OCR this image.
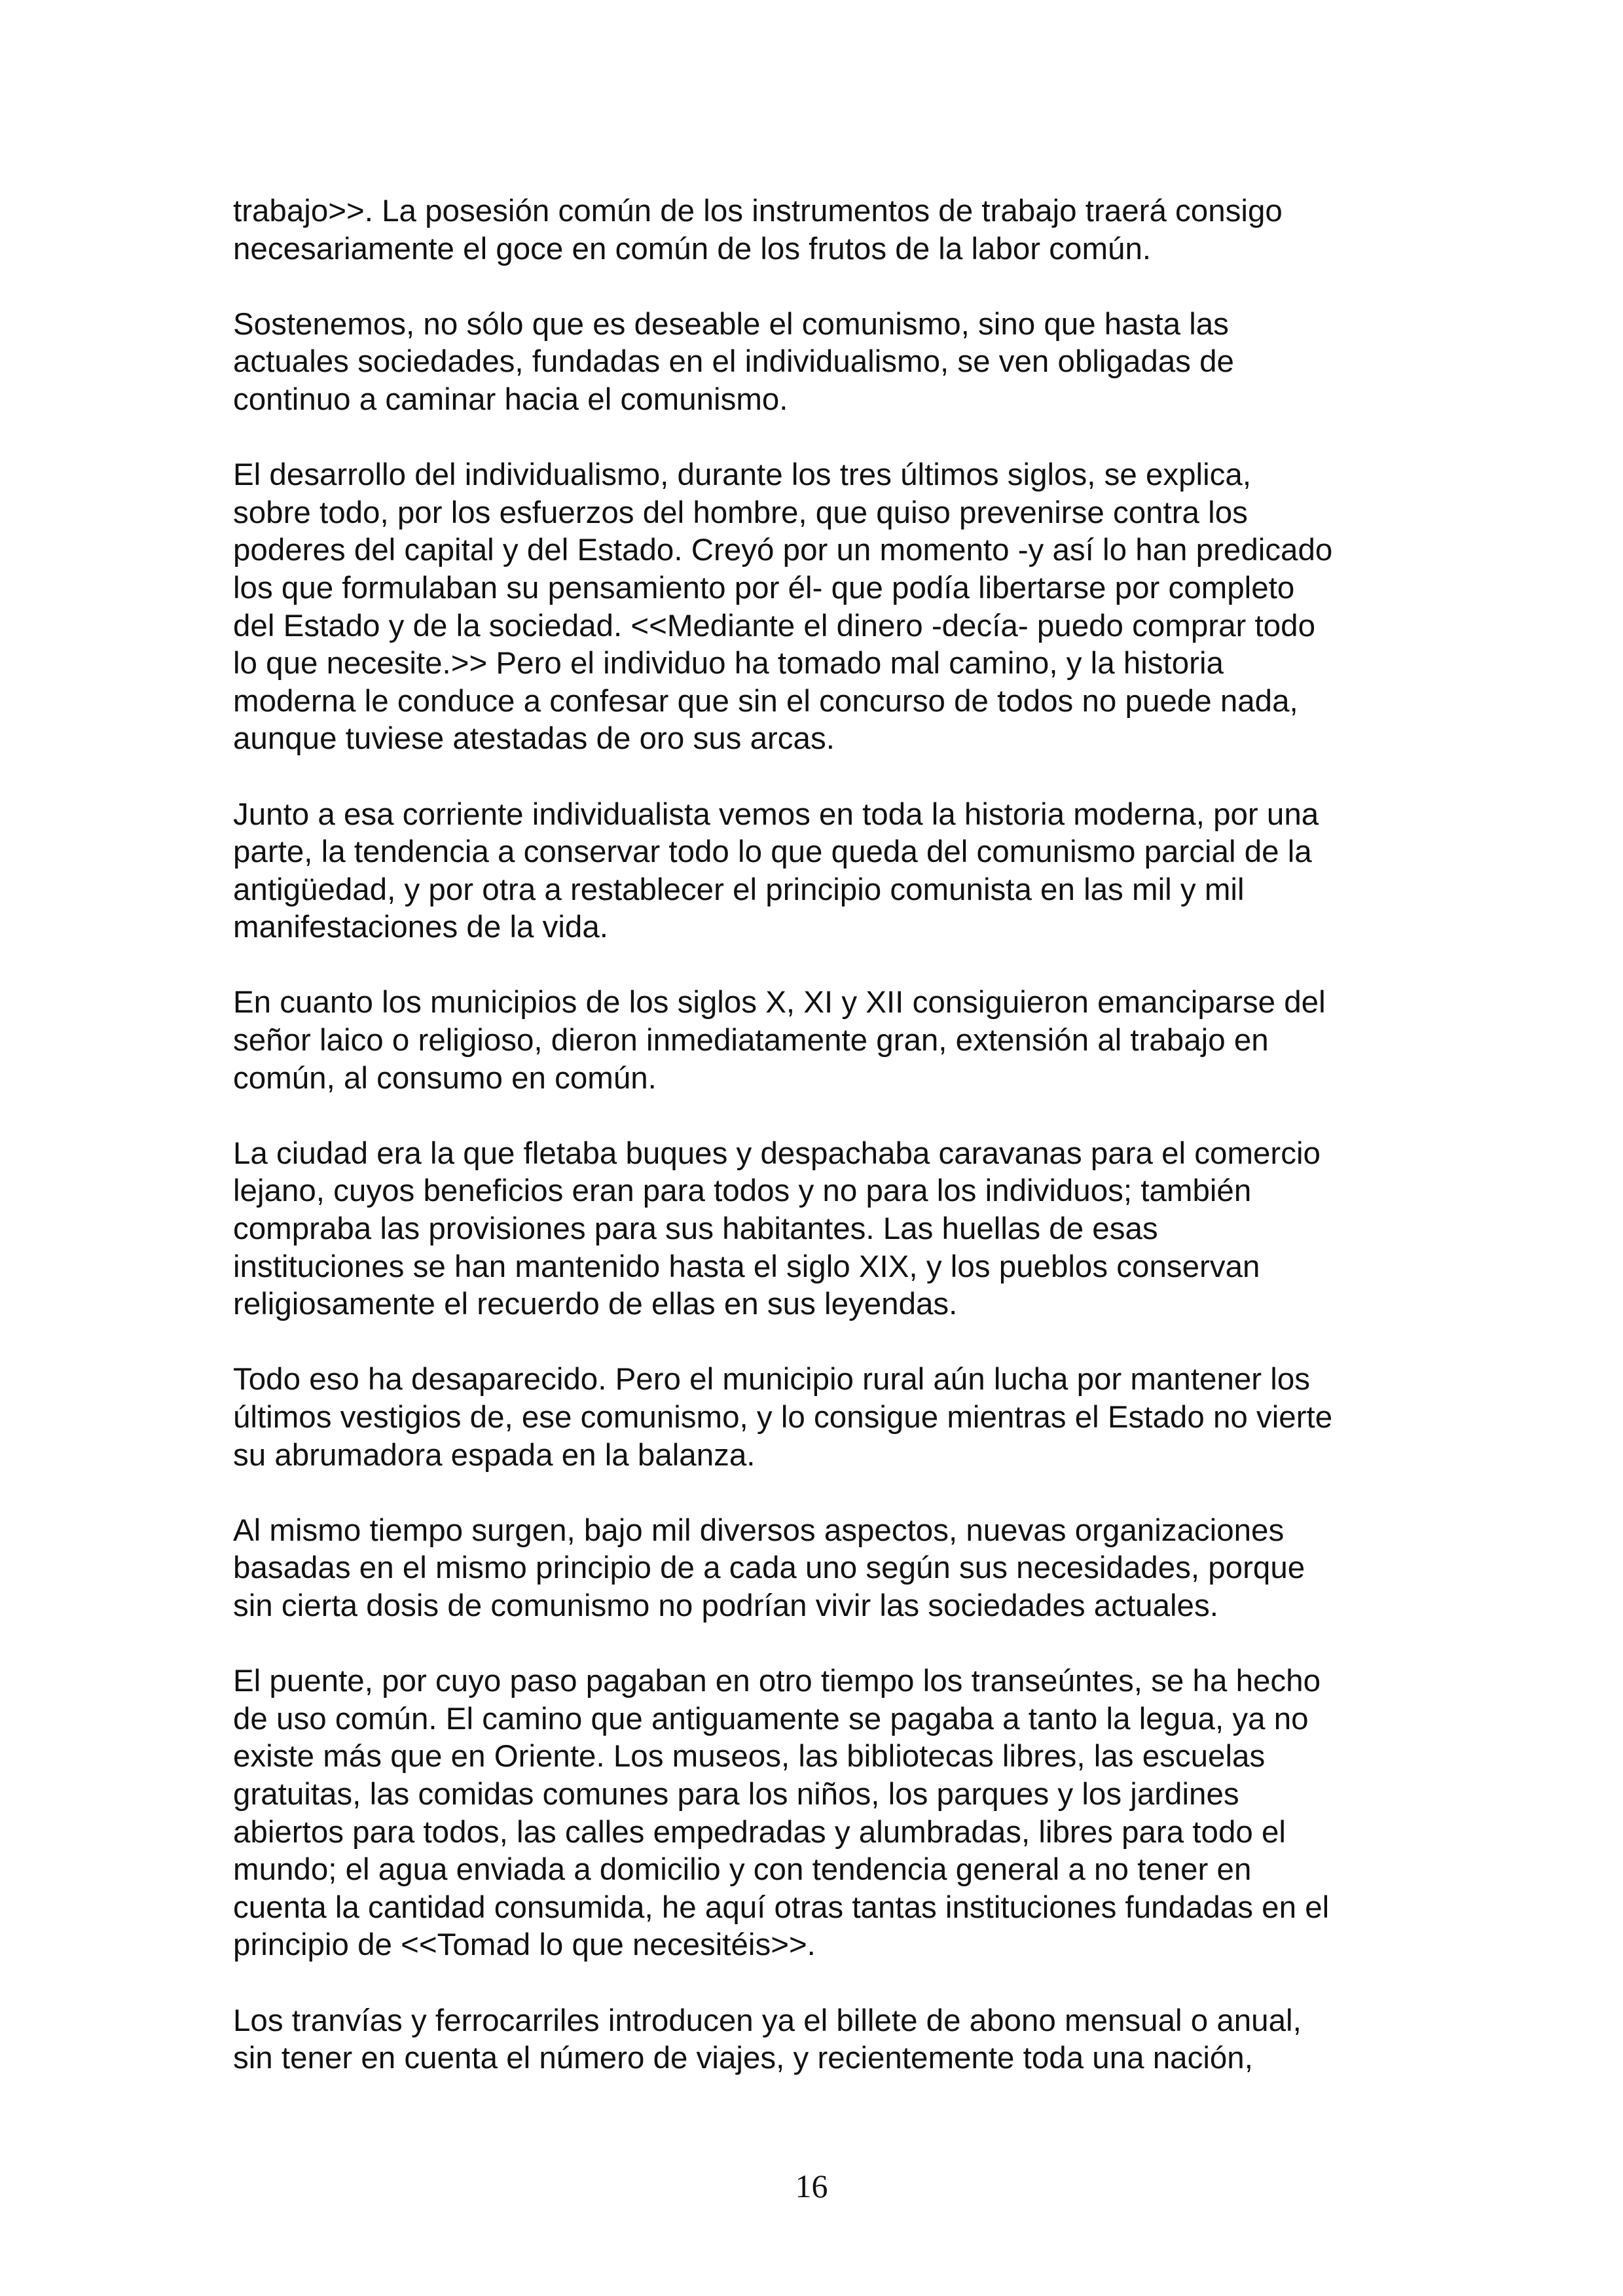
trabajo>>. La posesión común de los instrumentos de trabajo traerá consigo
necesariamente el goce en común de los frutos de la labor común.

Sostenemos, no sólo que es deseable el comunismo, sino que hasta las
actuales sociedades, fundadas en el individualismo, se ven obligadas de
continuo a caminar hacia el comunismo.

El desarrollo del individualismo, durante los tres últimos siglos, se explica,
sobre todo, por los esfuerzos del hombre, que quiso prevenirse contra los
poderes del capital y del Estado. Creyó por un momento -y así lo han predicado
los que formulaban su pensamiento por él- que podía libertarse por completo
del Estado y de la sociedad. <<Mediante el dinero -decía- puedo comprar todo
lo que necesite.>> Pero el individuo ha tomado mal camino, y la historia
moderna le conduce a confesar que sin el concurso de todos no puede nada,
aunque tuviese atestadas de oro sus arcas.

Junto a esa corriente individualista vemos en toda la historia moderna, por una
parte, la tendencia a conservar todo lo que queda del comunismo parcial de la
antigüedad, y por otra a restablecer el principio comunista en las mil y mil
manifestaciones de la vida.

En cuanto los municipios de los siglos X, XI y XII consiguieron emanciparse del
señor laico o religioso, dieron inmediatamente gran, extensión al trabajo en
común, al consumo en común.

La ciudad era la que fletaba buques y despachaba caravanas para el comercio
lejano, cuyos beneficios eran para todos y no para los individuos; también
compraba las provisiones para sus habitantes. Las huellas de esas
instituciones se han mantenido hasta el siglo XIX, y los pueblos conservan
religiosamente el recuerdo de ellas en sus leyendas.

Todo eso ha desaparecido. Pero el municipio rural aún lucha por mantener los
últimos vestigios de, ese comunismo, y lo consigue mientras el Estado no vierte
su abrumadora espada en la balanza.

Al mismo tiempo surgen, bajo mil diversos aspectos, nuevas organizaciones
basadas en el mismo principio de a cada uno según sus necesidades, porque
sin cierta dosis de comunismo no podrían vivir las sociedades actuales.

El puente, por cuyo paso pagaban en otro tiempo los transeúntes, se ha hecho
de uso común. El camino que antiguamente se pagaba a tanto la legua, ya no
existe más que en Oriente. Los museos, las bibliotecas libres, las escuelas
gratuitas, las comidas comunes para los niños, los parques y los jardines
abiertos para todos, las calles empedradas y alumbradas, libres para todo el
mundo; el agua enviada a domicilio y con tendencia general a no tener en
cuenta la cantidad consumida, he aquí otras tantas instituciones fundadas en el
principio de <<Tomad lo que necesitéis>>.

Los tranvías y ferrocarriles introducen ya el billete de abono mensual o anual,
sin tener en cuenta el número de viajes, y recientemente toda una nación,

16
